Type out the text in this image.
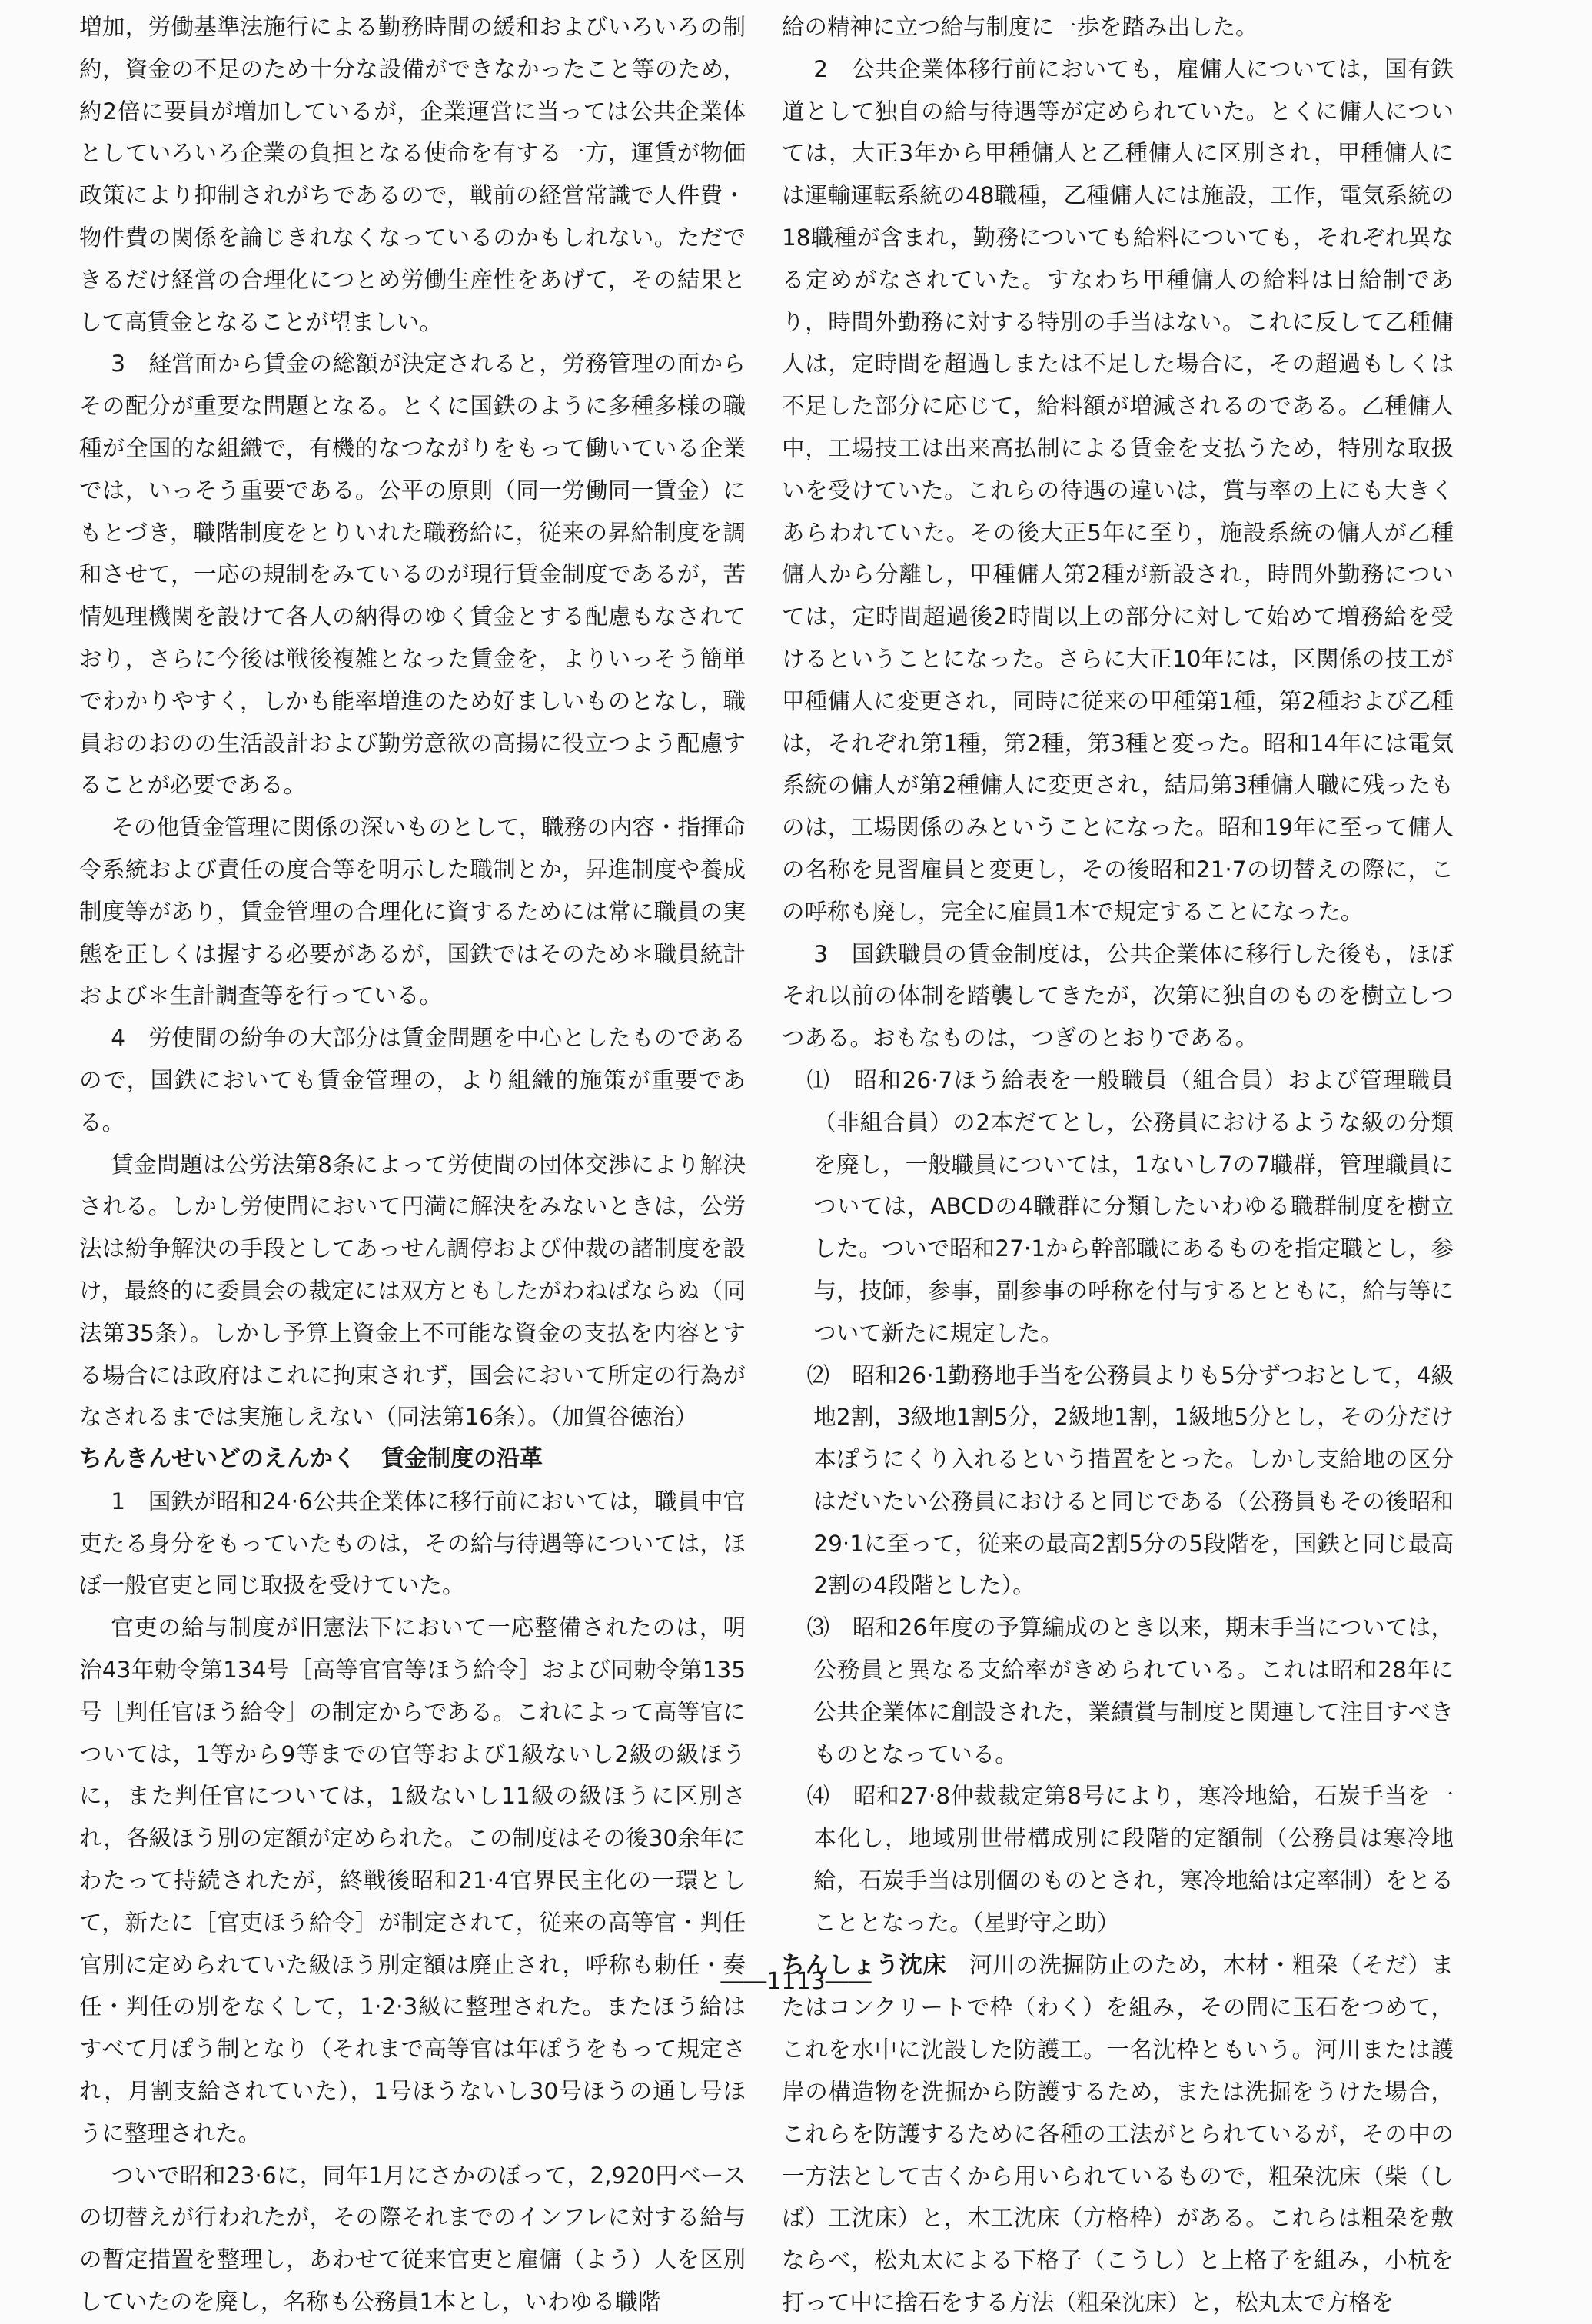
増加，労働基準法施行による勤務時間の緩和およびいろいろの制約，資金の不足のため十分な設備ができなかったこと等のため，約2倍に要員が増加しているが，企業運営に当っては公共企業体としていろいろ企業の負担となる使命を有する一方，運賃が物価政策により抑制されがちであるので，戦前の経営常識で人件費・物件費の関係を論じきれなくなっているのかもしれない。ただできるだけ経営の合理化につとめ労働生産性をあげて，その結果として高賃金となることが望ましい。

3　経営面から賃金の総額が決定されると，労務管理の面からその配分が重要な問題となる。とくに国鉄のように多種多様の職種が全国的な組織で，有機的なつながりをもって働いている企業では，いっそう重要である。公平の原則（同一労働同一賃金）にもとづき，職階制度をとりいれた職務給に，従来の昇給制度を調和させて，一応の規制をみているのが現行賃金制度であるが，苦情処理機関を設けて各人の納得のゆく賃金とする配慮もなされており，さらに今後は戦後複雑となった賃金を，よりいっそう簡単でわかりやすく，しかも能率増進のため好ましいものとなし，職員おのおのの生活設計および勤労意欲の高揚に役立つよう配慮することが必要である。

その他賃金管理に関係の深いものとして，職務の内容・指揮命令系統および責任の度合等を明示した職制とか，昇進制度や養成制度等があり，賃金管理の合理化に資するためには常に職員の実態を正しくは握する必要があるが，国鉄ではそのため＊職員統計および＊生計調査等を行っている。

4　労使間の紛争の大部分は賃金問題を中心としたものであるので，国鉄においても賃金管理の，より組織的施策が重要である。

賃金問題は公労法第8条によって労使間の団体交渉により解決される。しかし労使間において円満に解決をみないときは，公労法は紛争解決の手段としてあっせん調停および仲裁の諸制度を設け，最終的に委員会の裁定には双方ともしたがわねばならぬ（同法第35条）。しかし予算上資金上不可能な資金の支払を内容とする場合には政府はこれに拘束されず，国会において所定の行為がなされるまでは実施しえない（同法第16条）。（加賀谷徳治）

ちんきんせいどのえんかく 賃金制度の沿革

1　国鉄が昭和24·6公共企業体に移行前においては，職員中官吏たる身分をもっていたものは，その給与待遇等については，ほぼ一般官吏と同じ取扱を受けていた。

官吏の給与制度が旧憲法下において一応整備されたのは，明治43年勅令第134号［高等官官等ほう給令］および同勅令第135号［判任官ほう給令］の制定からである。これによって高等官については，1等から9等までの官等および1級ないし2級の級ほうに，また判任官については，1級ないし11級の級ほうに区別され，各級ほう別の定額が定められた。この制度はその後30余年にわたって持続されたが，終戦後昭和21·4官界民主化の一環として，新たに［官吏ほう給令］が制定されて，従来の高等官・判任官別に定められていた級ほう別定額は廃止され，呼称も勅任・奏任・判任の別をなくして，1·2·3級に整理された。またほう給はすべて月ぽう制となり（それまで高等官は年ぽうをもって規定され，月割支給されていた），1号ほうないし30号ほうの通し号ほうに整理された。

ついで昭和23·6に，同年1月にさかのぼって，2,920円ベースの切替えが行われたが，その際それまでのインフレに対する給与の暫定措置を整理し，あわせて従来官吏と雇傭（よう）人を区別していたのを廃し，名称も公務員1本とし，いわゆる職階

給の精神に立つ給与制度に一歩を踏み出した。

2　公共企業体移行前においても，雇傭人については，国有鉄道として独自の給与待遇等が定められていた。とくに傭人については，大正3年から甲種傭人と乙種傭人に区別され，甲種傭人には運輸運転系統の48職種，乙種傭人には施設，工作，電気系統の18職種が含まれ，勤務についても給料についても，それぞれ異なる定めがなされていた。すなわち甲種傭人の給料は日給制であり，時間外勤務に対する特別の手当はない。これに反して乙種傭人は，定時間を超過しまたは不足した場合に，その超過もしくは不足した部分に応じて，給料額が増減されるのである。乙種傭人中，工場技工は出来高払制による賃金を支払うため，特別な取扱いを受けていた。これらの待遇の違いは，賞与率の上にも大きくあらわれていた。その後大正5年に至り，施設系統の傭人が乙種傭人から分離し，甲種傭人第2種が新設され，時間外勤務については，定時間超過後2時間以上の部分に対して始めて増務給を受けるということになった。さらに大正10年には，区関係の技工が甲種傭人に変更され，同時に従来の甲種第1種，第2種および乙種は，それぞれ第1種，第2種，第3種と変った。昭和14年には電気系統の傭人が第2種傭人に変更され，結局第3種傭人職に残ったものは，工場関係のみということになった。昭和19年に至って傭人の名称を見習雇員と変更し，その後昭和21·7の切替えの際に，この呼称も廃し，完全に雇員1本で規定することになった。

3　国鉄職員の賃金制度は，公共企業体に移行した後も，ほぼそれ以前の体制を踏襲してきたが，次第に独自のものを樹立しつつある。おもなものは，つぎのとおりである。

⑴　昭和26·7ほう給表を一般職員（組合員）および管理職員（非組合員）の2本だてとし，公務員におけるような級の分類を廃し，一般職員については，1ないし7の7職群，管理職員については，ABCDの4職群に分類したいわゆる職群制度を樹立した。ついで昭和27·1から幹部職にあるものを指定職とし，参与，技師，参事，副参事の呼称を付与するとともに，給与等について新たに規定した。

⑵　昭和26·1勤務地手当を公務員よりも5分ずつおとして，4級地2割，3級地1割5分，2級地1割，1級地5分とし，その分だけ本ぽうにくり入れるという措置をとった。しかし支給地の区分はだいたい公務員におけると同じである（公務員もその後昭和29·1に至って，従来の最高2割5分の5段階を，国鉄と同じ最高2割の4段階とした）。

⑶　昭和26年度の予算編成のとき以来，期末手当については，公務員と異なる支給率がきめられている。これは昭和28年に公共企業体に創設された，業績賞与制度と関連して注目すべきものとなっている。

⑷　昭和27·8仲裁裁定第8号により，寒冷地給，石炭手当を一本化し，地域別世帯構成別に段階的定額制（公務員は寒冷地給，石炭手当は別個のものとされ，寒冷地給は定率制）をとることとなった。（星野守之助）

ちんしょう沈床　 河川の洗掘防止のため，木材・粗朶（そだ）またはコンクリートで枠（わく）を組み，その間に玉石をつめて，これを水中に沈設した防護工。一名沈枠ともいう。河川または護岸の構造物を洗掘から防護するため，または洗掘をうけた場合，これらを防護するために各種の工法がとられているが，その中の一方法として古くから用いられているもので，粗朶沈床（柴（しば）工沈床）と，木工沈床（方格枠）がある。これらは粗朶を敷ならべ，松丸太による下格子（こうし）と上格子を組み，小杭を打って中に捨石をする方法（粗朶沈床）と，松丸太で方格を

――1113――
